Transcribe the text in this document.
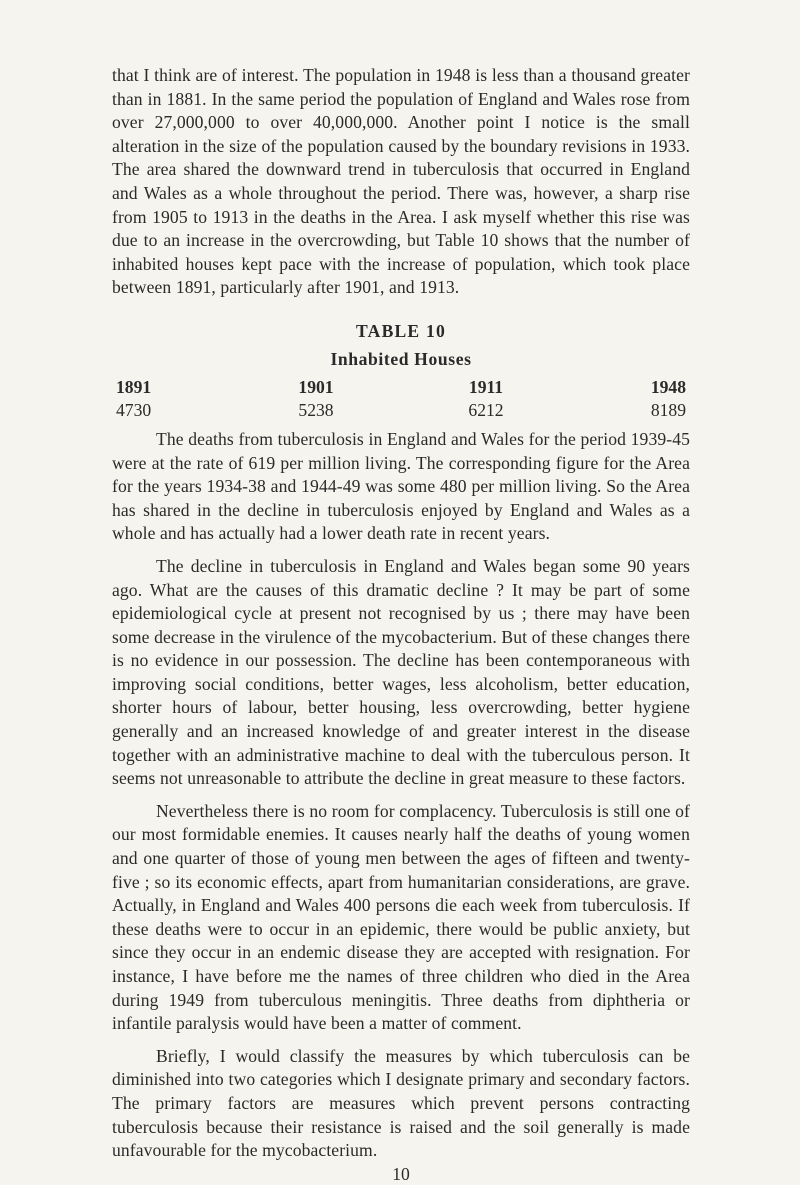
that I think are of interest. The population in 1948 is less than a thousand greater than in 1881. In the same period the population of England and Wales rose from over 27,000,000 to over 40,000,000. Another point I notice is the small alteration in the size of the population caused by the boundary revisions in 1933. The area shared the downward trend in tuberculosis that occurred in England and Wales as a whole throughout the period. There was, however, a sharp rise from 1905 to 1913 in the deaths in the Area. I ask myself whether this rise was due to an increase in the overcrowding, but Table 10 shows that the number of inhabited houses kept pace with the increase of population, which took place between 1891, particularly after 1901, and 1913.

TABLE 10
Inhabited Houses
1891	1901	1911	1948
4730	5238	6212	8189

The deaths from tuberculosis in England and Wales for the period 1939-45 were at the rate of 619 per million living. The corresponding figure for the Area for the years 1934-38 and 1944-49 was some 480 per million living. So the Area has shared in the decline in tuberculosis enjoyed by England and Wales as a whole and has actually had a lower death rate in recent years.

The decline in tuberculosis in England and Wales began some 90 years ago. What are the causes of this dramatic decline ? It may be part of some epidemiological cycle at present not recognised by us ; there may have been some decrease in the virulence of the mycobacterium. But of these changes there is no evidence in our possession. The decline has been contemporaneous with improving social conditions, better wages, less alcoholism, better education, shorter hours of labour, better housing, less overcrowding, better hygiene generally and an increased knowledge of and greater interest in the disease together with an administrative machine to deal with the tuberculous person. It seems not unreasonable to attribute the decline in great measure to these factors.

Nevertheless there is no room for complacency. Tuberculosis is still one of our most formidable enemies. It causes nearly half the deaths of young women and one quarter of those of young men between the ages of fifteen and twenty-five ; so its economic effects, apart from humanitarian considerations, are grave. Actually, in England and Wales 400 persons die each week from tuberculosis. If these deaths were to occur in an epidemic, there would be public anxiety, but since they occur in an endemic disease they are accepted with resignation. For instance, I have before me the names of three children who died in the Area during 1949 from tuberculous meningitis. Three deaths from diphtheria or infantile paralysis would have been a matter of comment.

Briefly, I would classify the measures by which tuberculosis can be diminished into two categories which I designate primary and secondary factors. The primary factors are measures which prevent persons contracting tuberculosis because their resistance is raised and the soil generally is made unfavourable for the mycobacterium.

10
